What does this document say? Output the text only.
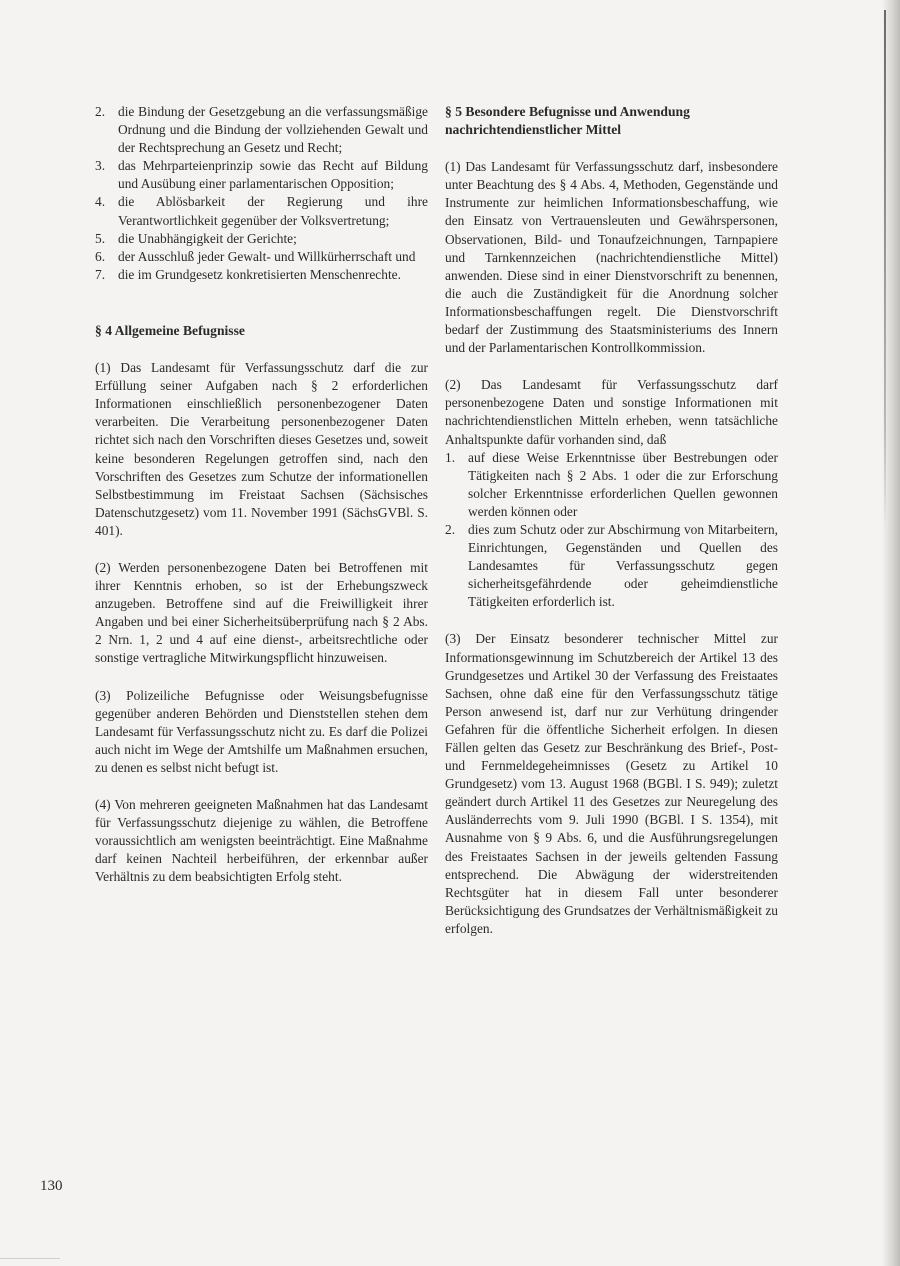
2. die Bindung der Gesetzgebung an die verfassungsmäßige Ordnung und die Bindung der vollziehenden Gewalt und der Rechtsprechung an Gesetz und Recht;
3. das Mehrparteienprinzip sowie das Recht auf Bildung und Ausübung einer parlamentarischen Opposition;
4. die Ablösbarkeit der Regierung und ihre Verantwortlichkeit gegenüber der Volksvertretung;
5. die Unabhängigkeit der Gerichte;
6. der Ausschluß jeder Gewalt- und Willkürherrschaft und
7. die im Grundgesetz konkretisierten Menschenrechte.
§ 4 Allgemeine Befugnisse

(1) Das Landesamt für Verfassungsschutz darf die zur Erfüllung seiner Aufgaben nach § 2 erforderlichen Informationen einschließlich personenbezogener Daten verarbeiten. Die Verarbeitung personenbezogener Daten richtet sich nach den Vorschriften dieses Gesetzes und, soweit keine besonderen Regelungen getroffen sind, nach den Vorschriften des Gesetzes zum Schutze der informationellen Selbstbestimmung im Freistaat Sachsen (Sächsisches Datenschutzgesetz) vom 11. November 1991 (SächsGVBl. S. 401).

(2) Werden personenbezogene Daten bei Betroffenen mit ihrer Kenntnis erhoben, so ist der Erhebungszweck anzugeben. Betroffene sind auf die Freiwilligkeit ihrer Angaben und bei einer Sicherheitsüberprüfung nach § 2 Abs. 2 Nrn. 1, 2 und 4 auf eine dienst-, arbeitsrechtliche oder sonstige vertragliche Mitwirkungspflicht hinzuweisen.

(3) Polizeiliche Befugnisse oder Weisungsbefugnisse gegenüber anderen Behörden und Dienststellen stehen dem Landesamt für Verfassungsschutz nicht zu. Es darf die Polizei auch nicht im Wege der Amtshilfe um Maßnahmen ersuchen, zu denen es selbst nicht befugt ist.

(4) Von mehreren geeigneten Maßnahmen hat das Landesamt für Verfassungsschutz diejenige zu wählen, die Betroffene voraussichtlich am wenigsten beeinträchtigt. Eine Maßnahme darf keinen Nachteil herbeiführen, der erkennbar außer Verhältnis zu dem beabsichtigten Erfolg steht.

§ 5 Besondere Befugnisse und Anwendung nachrichtendienstlicher Mittel

(1) Das Landesamt für Verfassungsschutz darf, insbesondere unter Beachtung des § 4 Abs. 4, Methoden, Gegenstände und Instrumente zur heimlichen Informationsbeschaffung, wie den Einsatz von Vertrauensleuten und Gewährspersonen, Observationen, Bild- und Tonaufzeichnungen, Tarnpapiere und Tarnkennzeichen (nachrichtendienstliche Mittel) anwenden. Diese sind in einer Dienstvorschrift zu benennen, die auch die Zuständigkeit für die Anordnung solcher Informationsbeschaffungen regelt. Die Dienstvorschrift bedarf der Zustimmung des Staatsministeriums des Innern und der Parlamentarischen Kontrollkommission.

(2) Das Landesamt für Verfassungsschutz darf personenbezogene Daten und sonstige Informationen mit nachrichtendienstlichen Mitteln erheben, wenn tatsächliche Anhaltspunkte dafür vorhanden sind, daß

1. auf diese Weise Erkenntnisse über Bestrebungen oder Tätigkeiten nach § 2 Abs. 1 oder die zur Erforschung solcher Erkenntnisse erforderlichen Quellen gewonnen werden können oder
2. dies zum Schutz oder zur Abschirmung von Mitarbeitern, Einrichtungen, Gegenständen und Quellen des Landesamtes für Verfassungsschutz gegen sicherheitsgefährdende oder geheimdienstliche Tätigkeiten erforderlich ist.

(3) Der Einsatz besonderer technischer Mittel zur Informationsgewinnung im Schutzbereich der Artikel 13 des Grundgesetzes und Artikel 30 der Verfassung des Freistaates Sachsen, ohne daß eine für den Verfassungsschutz tätige Person anwesend ist, darf nur zur Verhütung dringender Gefahren für die öffentliche Sicherheit erfolgen. In diesen Fällen gelten das Gesetz zur Beschränkung des Brief-, Post- und Fernmeldegeheimnisses (Gesetz zu Artikel 10 Grundgesetz) vom 13. August 1968 (BGBl. I S. 949); zuletzt geändert durch Artikel 11 des Gesetzes zur Neuregelung des Ausländerrechts vom 9. Juli 1990 (BGBl. I S. 1354), mit Ausnahme von § 9 Abs. 6, und die Ausführungsregelungen des Freistaates Sachsen in der jeweils geltenden Fassung entsprechend. Die Abwägung der widerstreitenden Rechtsgüter hat in diesem Fall unter besonderer Berücksichtigung des Grundsatzes der Verhältnismäßigkeit zu erfolgen.

130
